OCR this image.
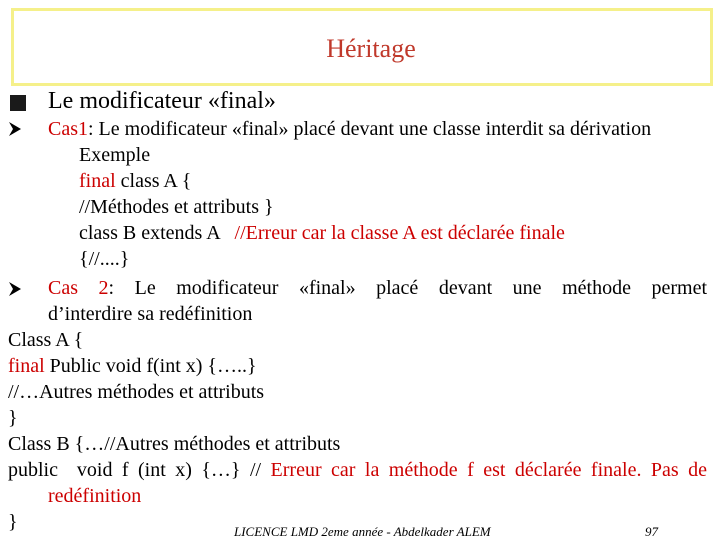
Héritage
Le modificateur «final»
Cas1: Le modificateur «final» placé devant une classe interdit sa dérivation
Exemple
final class A {
//Méthodes et attributs }
class B extends A   //Erreur car la classe A est déclarée finale
{//....}
Cas 2: Le modificateur «final» placé devant une méthode permet
d’interdire sa redéfinition
Class A {
final Public void f(int x) {…..}
//…Autres méthodes et attributs
}
Class B {…//Autres méthodes et attributs
public  void f (int x) {…} // Erreur car la méthode f est déclarée finale. Pas de
redéfinition
}	LICENCE LMD 2eme année - Abdelkader ALEM	97
